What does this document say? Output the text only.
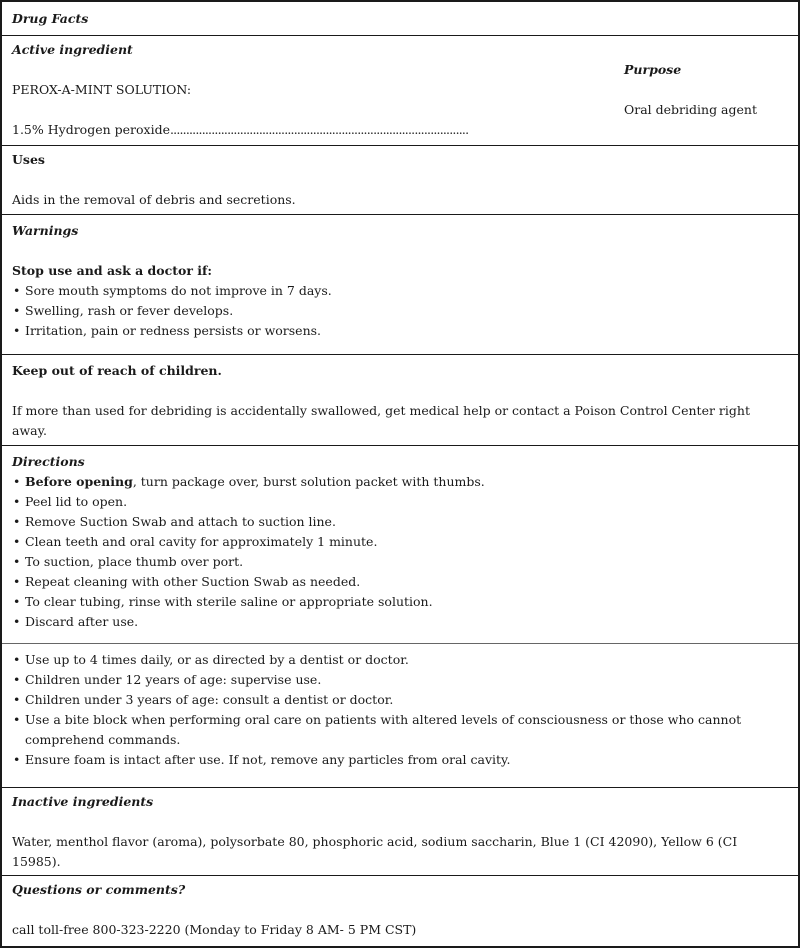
Drug Facts
Active ingredient
Purpose
PEROX-A-MINT SOLUTION:
Oral debriding agent
1.5% Hydrogen peroxide..............................................................................................
Uses
Aids in the removal of debris and secretions.
Warnings
Stop use and ask a doctor if:
• Sore mouth symptoms do not improve in 7 days.
• Swelling, rash or fever develops.
• Irritation, pain or redness persists or worsens.
Keep out of reach of children.
If more than used for debriding is accidentally swallowed, get medical help or contact a Poison Control Center right
away.
Directions
• Before opening, turn package over, burst solution packet with thumbs.
• Peel lid to open.
• Remove Suction Swab and attach to suction line.
• Clean teeth and oral cavity for approximately 1 minute.
• To suction, place thumb over port.
• Repeat cleaning with other Suction Swab as needed.
• To clear tubing, rinse with sterile saline or appropriate solution.
• Discard after use.
• Use up to 4 times daily, or as directed by a dentist or doctor.
• Children under 12 years of age: supervise use.
• Children under 3 years of age: consult a dentist or doctor.
• Use a bite block when performing oral care on patients with altered levels of consciousness or those who cannot
comprehend commands.
• Ensure foam is intact after use. If not, remove any particles from oral cavity.
Inactive ingredients
Water, menthol flavor (aroma), polysorbate 80, phosphoric acid, sodium saccharin, Blue 1 (CI 42090), Yellow 6 (CI
15985).
Questions or comments?
call toll-free 800-323-2220 (Monday to Friday 8 AM- 5 PM CST)
